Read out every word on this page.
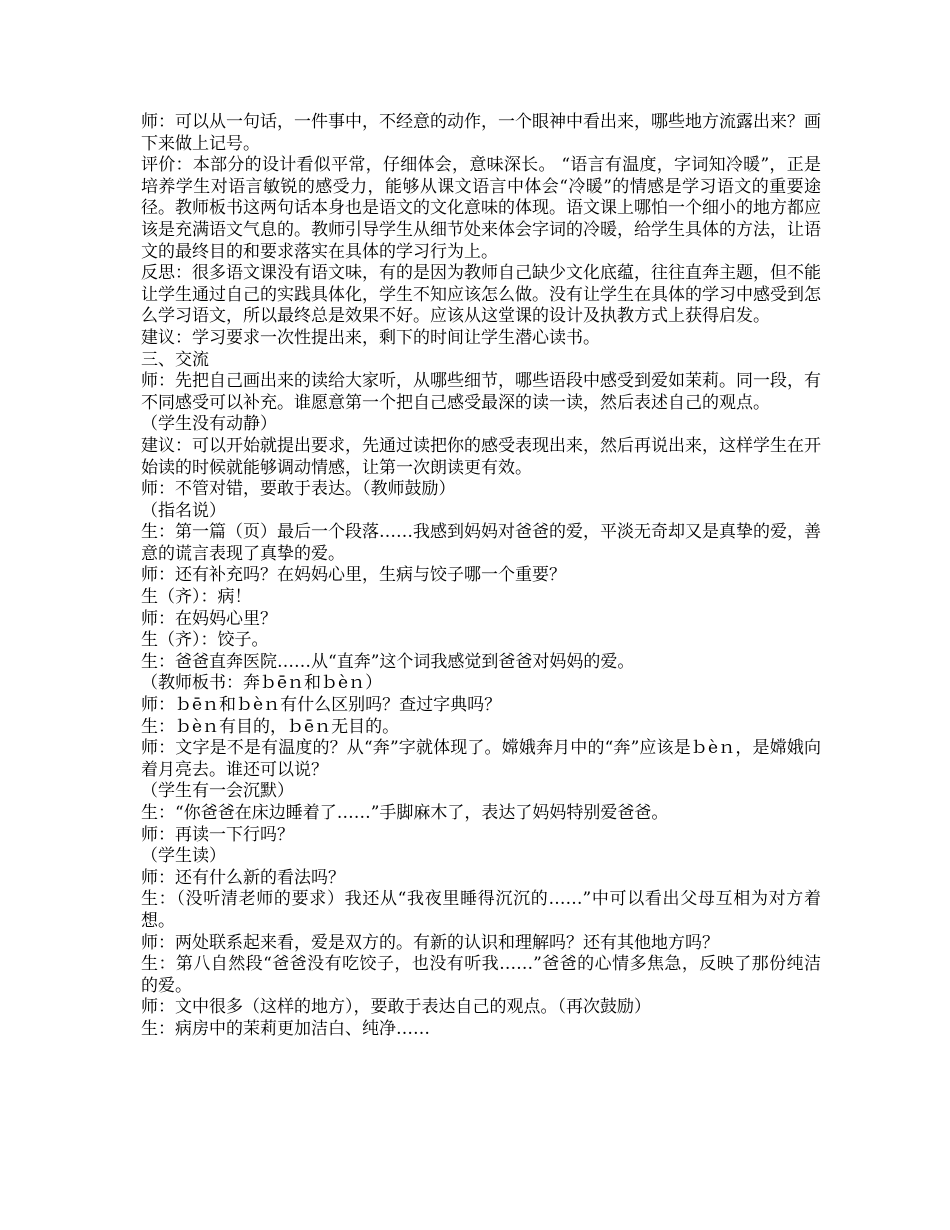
师：可以从一句话，一件事中，不经意的动作，一个眼神中看出来，哪些地方流露出来？画下来做上记号。

评价：本部分的设计看似平常，仔细体会，意味深长。 “语言有温度，字词知冷暖”，正是培养学生对语言敏锐的感受力，能够从课文语言中体会“冷暖”的情感是学习语文的重要途径。教师板书这两句话本身也是语文的文化意味的体现。语文课上哪怕一个细小的地方都应该是充满语文气息的。教师引导学生从细节处来体会字词的冷暖，给学生具体的方法，让语文的最终目的和要求落实在具体的学习行为上。

反思：很多语文课没有语文味，有的是因为教师自己缺少文化底蕴，往往直奔主题，但不能让学生通过自己的实践具体化，学生不知应该怎么做。没有让学生在具体的学习中感受到怎么学习语文，所以最终总是效果不好。应该从这堂课的设计及执教方式上获得启发。

建议：学习要求一次性提出来，剩下的时间让学生潜心读书。

三、交流

师：先把自己画出来的读给大家听，从哪些细节，哪些语段中感受到爱如茉莉。同一段，有不同感受可以补充。谁愿意第一个把自己感受最深的读一读，然后表述自己的观点。

（学生没有动静）

建议：可以开始就提出要求，先通过读把你的感受表现出来，然后再说出来，这样学生在开始读的时候就能够调动情感，让第一次朗读更有效。

师：不管对错，要敢于表达。（教师鼓励）

（指名说）

生：第一篇（页）最后一个段落……我感到妈妈对爸爸的爱，平淡无奇却又是真挚的爱，善意的谎言表现了真挚的爱。

师：还有补充吗？在妈妈心里，生病与饺子哪一个重要？

生（齐）：病！

师：在妈妈心里？

生（齐）：饺子。

生：爸爸直奔医院……从“直奔”这个词我感觉到爸爸对妈妈的爱。

（教师板书：奔ｂēｎ和ｂèｎ）

师：ｂēｎ和ｂèｎ有什么区别吗？查过字典吗？

生：ｂèｎ有目的，ｂēｎ无目的。

师：文字是不是有温度的？从“奔”字就体现了。嫦娥奔月中的“奔”应该是ｂèｎ，是嫦娥向着月亮去。谁还可以说？

（学生有一会沉默）

生：“你爸爸在床边睡着了……”手脚麻木了，表达了妈妈特别爱爸爸。

师：再读一下行吗？

（学生读）

师：还有什么新的看法吗？

生：（没听清老师的要求）我还从“我夜里睡得沉沉的……”中可以看出父母互相为对方着想。

师：两处联系起来看，爱是双方的。有新的认识和理解吗？还有其他地方吗？

生：第八自然段“爸爸没有吃饺子，也没有听我……”爸爸的心情多焦急，反映了那份纯洁的爱。

师：文中很多（这样的地方），要敢于表达自己的观点。（再次鼓励）

生：病房中的茉莉更加洁白、纯净……
